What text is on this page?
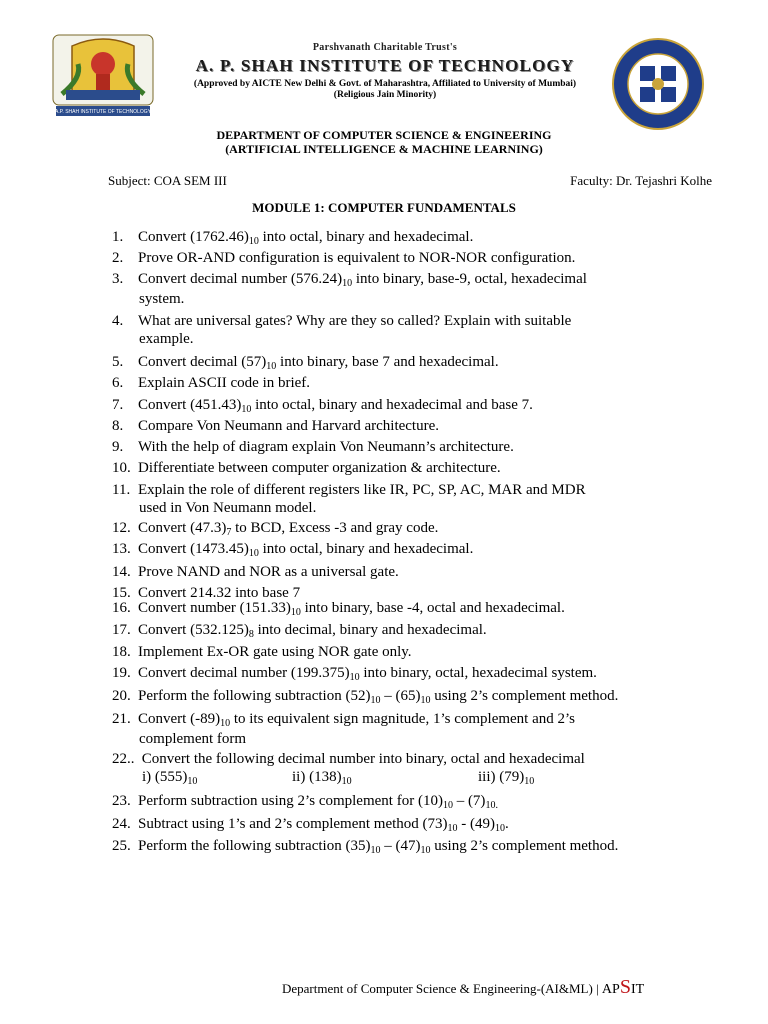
A.P. SHAH INSTITUTE OF TECHNOLOGY
Parshvanath Charitable Trust's
A. P. SHAH INSTITUTE OF TECHNOLOGY
(Approved by AICTE New Delhi & Govt. of Maharashtra, Affiliated to University of Mumbai)
(Religious Jain Minority)
DEPARTMENT OF COMPUTER SCIENCE & ENGINEERING
(ARTIFICIAL INTELLIGENCE & MACHINE LEARNING)
Subject: COA SEM III	Faculty: Dr. Tejashri Kolhe
MODULE 1: COMPUTER FUNDAMENTALS
1. Convert $(1762.46)_{10}$ into octal, binary and hexadecimal.
2. Prove OR-AND configuration is equivalent to NOR-NOR configuration.
3. Convert decimal number $(576.24)_{10}$ into binary, base-9, octal, hexadecimal
system.
4. What are universal gates? Why are they so called? Explain with suitable
example.
5. Convert decimal $(57)_{10}$ into binary, base 7 and hexadecimal.
6. Explain ASCII code in brief.
7. Convert $(451.43)_{10}$ into octal, binary and hexadecimal and base 7.
8. Compare Von Neumann and Harvard architecture.
9. With the help of diagram explain Von Neumann’s architecture.
10. Differentiate between computer organization & architecture.
11. Explain the role of different registers like IR, PC, SP, AC, MAR and MDR
used in Von Neumann model.
12. Convert $(47.3)_7$ to BCD, Excess -3 and gray code.
13. Convert $(1473.45)_{10}$ into octal, binary and hexadecimal.
14. Prove NAND and NOR as a universal gate.
15. Convert 214.32 into base 7
16. Convert number $(151.33)_{10}$ into binary, base -4, octal and hexadecimal.
17. Convert $(532.125)_8$ into decimal, binary and hexadecimal.
18. Implement Ex-OR gate using NOR gate only.
19. Convert decimal number $(199.375)_{10}$ into binary, octal, hexadecimal system.
20. Perform the following subtraction $(52)_{10} - (65)_{10}$ using 2’s complement method.
21. Convert $(-89)_{10}$ to its equivalent sign magnitude, 1’s complement and 2’s
complement form
22.. Convert the following decimal number into binary, octal and hexadecimal
i) $(555)_{10}$	ii) $(138)_{10}$	iii) $(79)_{10}$
23. Perform subtraction using 2’s complement for $(10)_{10} - (7)_{10.}$
24. Subtract using 1’s and 2’s complement method $(73)_{10} - (49)_{10}$.
25. Perform the following subtraction $(35)_{10} - (47)_{10}$ using 2’s complement method.
Department of Computer Science & Engineering-(AI&ML) | APSIT
